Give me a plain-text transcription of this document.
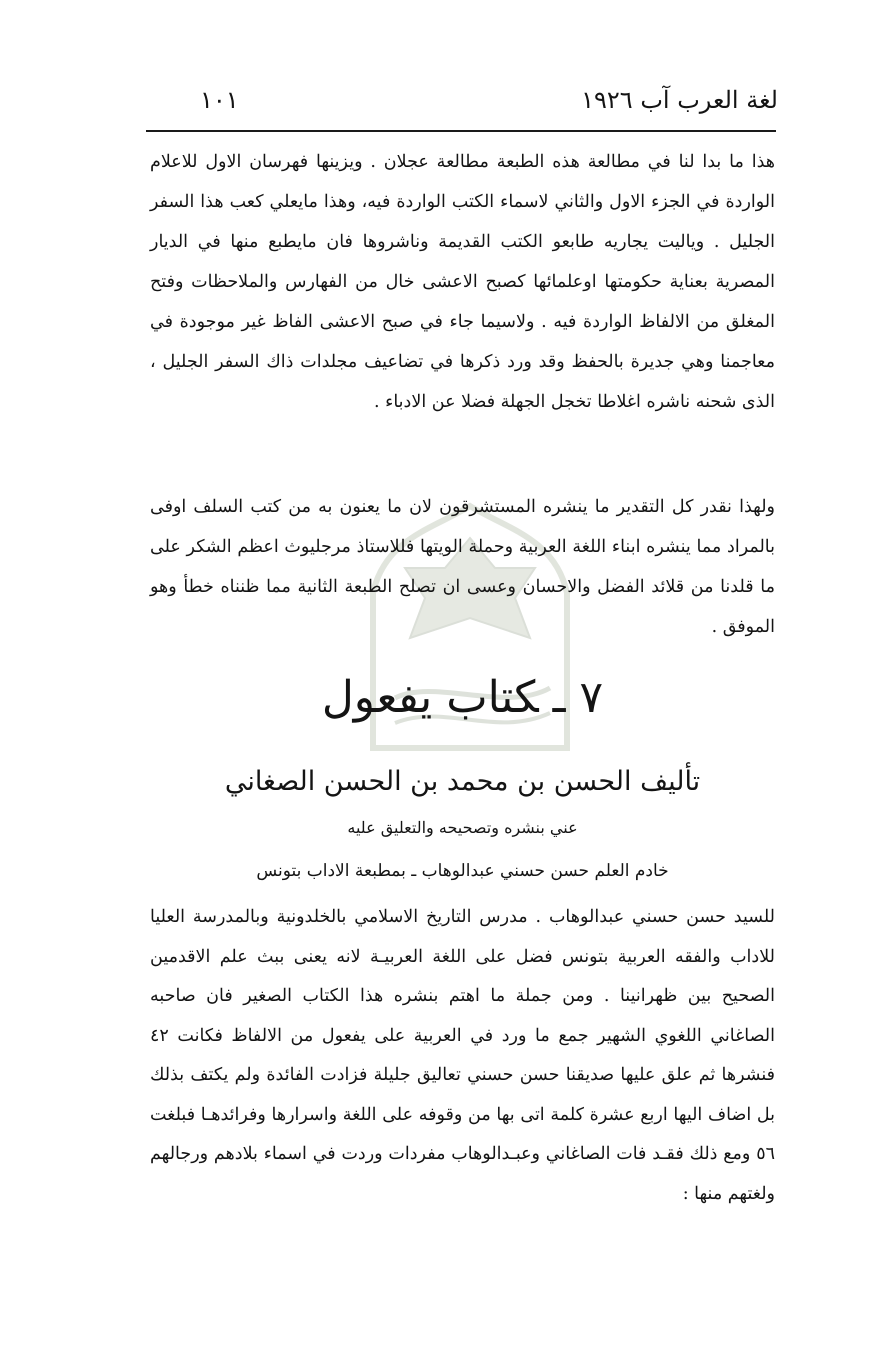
لغة العرب آب ١٩٢٦
١٠١

هذا ما بدا لنا في مطالعة هذه الطبعة مطالعة عجلان . ويزينها فهرسان الاول للاعلام الواردة في الجزء الاول والثاني لاسماء الكتب الواردة فيه، وهذا مايعلي كعب هذا السفر الجليل . وياليت يجاريه طابعو الكتب القديمة وناشروها فان مايطبع منها في الديار المصرية بعناية حكومتها اوعلمائها كصبح الاعشى خال من الفهارس والملاحظات وفتح المغلق من الالفاظ الواردة فيه . ولاسيما جاء في صبح الاعشى الفاظ غير موجودة في معاجمنا وهي جديرة بالحفظ وقد ورد ذكرها في تضاعيف مجلدات ذاك السفر الجليل ، الذى شحنه ناشره اغلاطا تخجل الجهلة فضلا عن الادباء .

ولهذا نقدر كل التقدير ما ينشره المستشرقون لان ما يعنون به من كتب السلف اوفى بالمراد مما ينشره ابناء اللغة العربية وحملة الويتها فللاستاذ مرجليوث اعظم الشكر على ما قلدنا من قلائد الفضل والاحسان وعسى ان تصلح الطبعة الثانية مما ظنناه خطأ وهو الموفق .

٧ ـكتاب يفعول
تأليف الحسن بن محمد بن الحسن الصغاني
عني بنشره وتصحيحه والتعليق عليه
خادم العلم حسن حسني عبدالوهاب ـ بمطبعة الاداب بتونس

للسيد حسن حسني عبدالوهاب . مدرس التاريخ الاسلامي بالخلدونية وبالمدرسة العليا للاداب والفقه العربية بتونس فضل على اللغة العربيـة لانه يعنى ببث علم الاقدمين الصحيح بين ظهرانينا . ومن جملة ما اهتم بنشره هذا الكتاب الصغير فان صاحبه الصاغاني اللغوي الشهير جمع ما ورد في العربية على يفعول من الالفاظ فكانت ٤٢ فنشرها ثم علق عليها صديقنا حسن حسني تعاليق جليلة فزادت الفائدة ولم يكتف بذلك بل اضاف اليها اربع عشرة كلمة اتى بها من وقوفه على اللغة واسرارها وفرائدهـا فبلغت ٥٦ ومع ذلك فقـد فات الصاغاني وعبـدالوهاب مفردات وردت في اسماء بلادهم ورجالهم ولغتهم منها :
